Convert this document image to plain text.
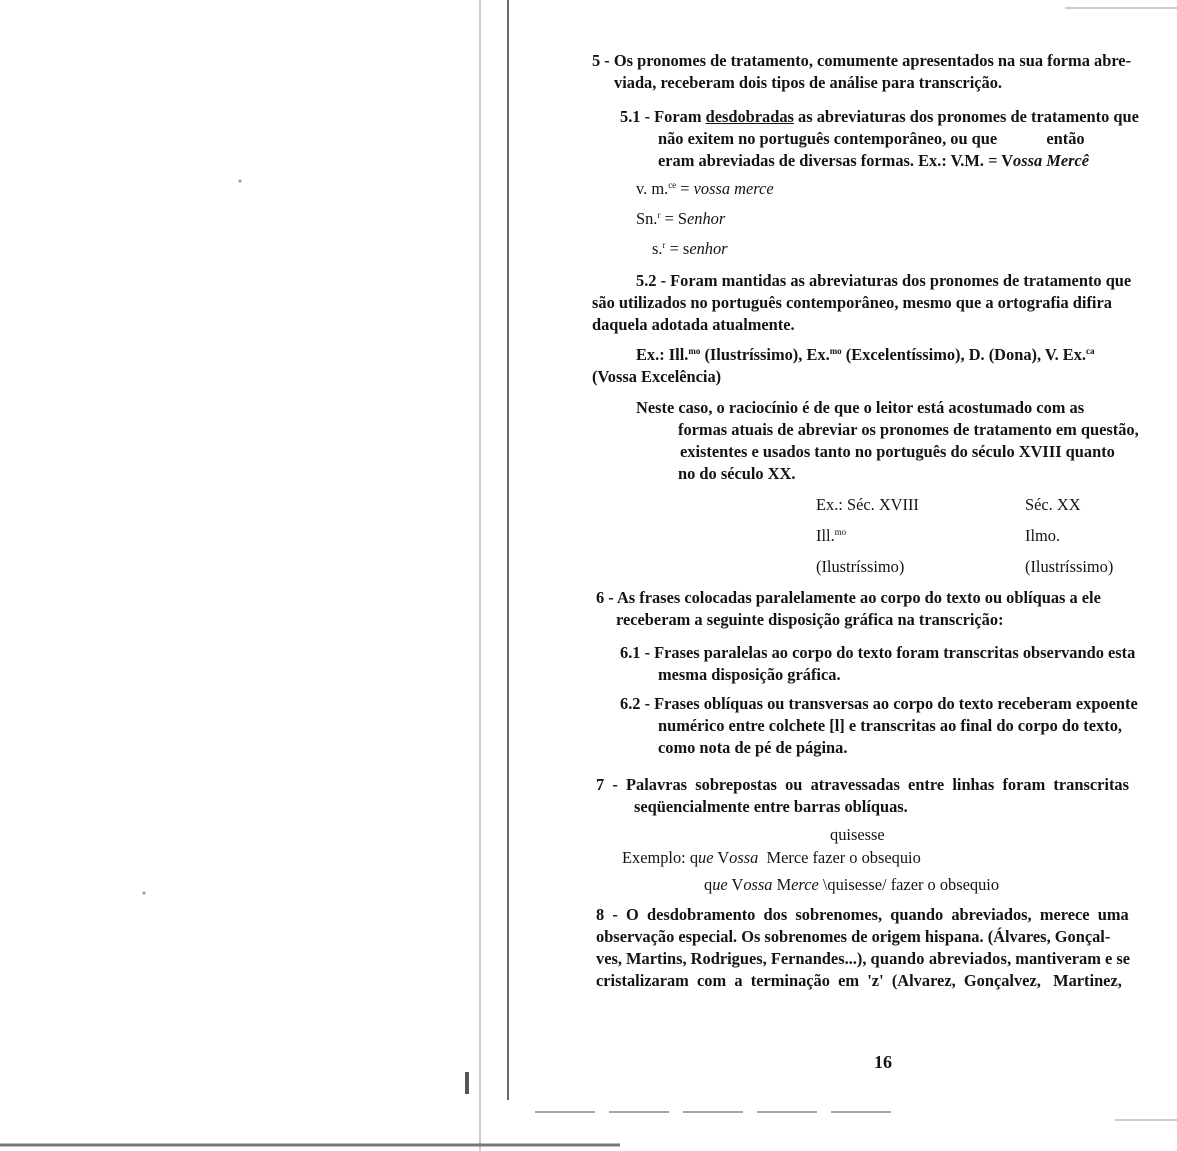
5 - Os pronomes de tratamento, comumente apresentados na sua forma abre-
viada, receberam dois tipos de análise para transcrição.
5.1 - Foram desdobradas as abreviaturas dos pronomes de tratamento que
não exitem no português contemporâneo, ou que            então
eram abreviadas de diversas formas. Ex.: V.M. = Vossa Mercê
v. m.$^{ce}$ = vossa merce
Sn.$^r$ = Senhor
s.$^r$ = senhor
5.2 - Foram mantidas as abreviaturas dos pronomes de tratamento que
são utilizados no português contemporâneo, mesmo que a ortografia difira
daquela adotada atualmente.
Ex.: Ill.$^{mo}$ (Ilustríssimo), Ex.$^{mo}$ (Excelentíssimo), D. (Dona), V. Ex.$^{ca}$
(Vossa Excelência)
Neste caso, o raciocínio é de que o leitor está acostumado com as
formas atuais de abreviar os pronomes de tratamento em questão,
existentes e usados tanto no português do século XVIII quanto
no do século XX.
Ex.: Séc. XVIII
Ill.$^{mo}$
(Ilustríssimo)
Séc. XX
Ilmo.
(Ilustríssimo)
6 - As frases colocadas paralelamente ao corpo do texto ou oblíquas a ele
receberam a seguinte disposição gráfica na transcrição:
6.1 - Frases paralelas ao corpo do texto foram transcritas observando esta
mesma disposição gráfica.
6.2 - Frases oblíquas ou transversas ao corpo do texto receberam expoente
numérico entre colchete [l] e transcritas ao final do corpo do texto,
como nota de pé de página.
7  -  Palavras  sobrepostas  ou  atravessadas  entre  linhas  foram  transcritas
seqüencialmente entre barras oblíquas.
quisesse
Exemplo: que Vossa  Merce fazer o obsequio
que Vossa Merce \quisesse/ fazer o obsequio
8  -  O  desdobramento  dos  sobrenomes,  quando  abreviados,  merece  uma
observação especial. Os sobrenomes de origem hispana. (Álvares, Gonçal-
ves, Martins, Rodrigues, Fernandes...), quando abreviados, mantiveram e se
cristalizaram  com  a  terminação  em  'z'  (Alvarez,  Gonçalvez,   Martinez,
16
